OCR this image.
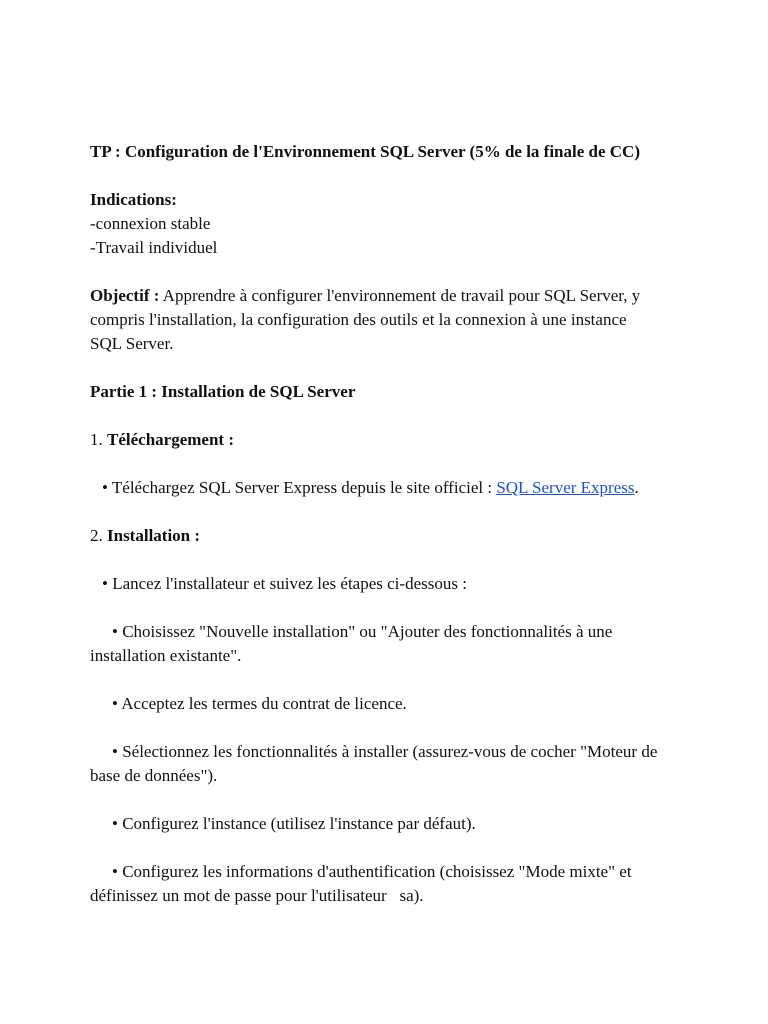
TP : Configuration de l'Environnement SQL Server (5% de la finale de CC)

Indications:

-connexion stable

-Travail individuel

Objectif : Apprendre à configurer l'environnement de travail pour SQL Server, y

compris l'installation, la configuration des outils et la connexion à une instance

SQL Server.

Partie 1 : Installation de SQL Server

1. Téléchargement :

• Téléchargez SQL Server Express depuis le site officiel : SQL Server Express.

2. Installation :

• Lancez l'installateur et suivez les étapes ci-dessous :

• Choisissez "Nouvelle installation" ou "Ajouter des fonctionnalités à une

installation existante".

• Acceptez les termes du contrat de licence.

• Sélectionnez les fonctionnalités à installer (assurez-vous de cocher "Moteur de

base de données").

• Configurez l'instance (utilisez l'instance par défaut).

• Configurez les informations d'authentification (choisissez "Mode mixte" et

définissez un mot de passe pour l'utilisateur   sa).
